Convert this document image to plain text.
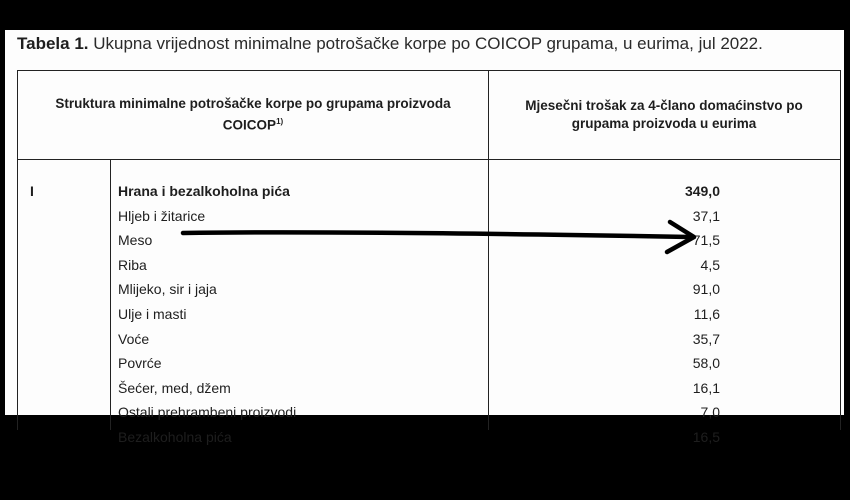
Tabela 1. Ukupna vrijednost minimalne potrošačke korpe po COICOP grupama, u eurima, jul 2022.
Struktura minimalne potrošačke korpe po grupama proizvoda COICOP$^{1)}$
Mjesečni trošak za 4-člano domaćinstvo po grupama proizvoda u eurima
I	Hrana i bezalkoholna pića	349,0
Hljeb i žitarice	37,1
Meso	71,5
Riba	4,5
Mlijeko, sir i jaja	91,0
Ulje i masti	11,6
Voće	35,7
Povrće	58,0
Šećer, med, džem	16,1
Ostali prehrambeni proizvodi	7,0
Bezalkoholna pića	16,5
